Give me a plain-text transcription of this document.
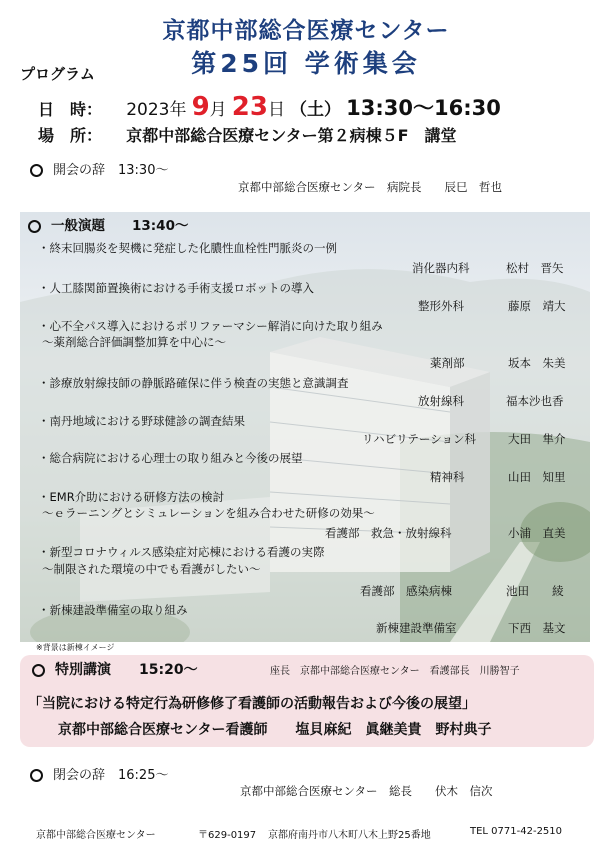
京都中部総合医療センター
第25回 学術集会
プログラム
日　時： 2023年 9月 23日 （土） 13:30〜16:30
場　所： 京都中部総合医療センター第２病棟５F　講堂
開会の辞　13:30〜
京都中部総合医療センター　病院長　　辰巳　哲也
一般演題　　13:40〜
・終末回腸炎を契機に発症した化膿性血栓性門脈炎の一例
消化器内科	松村　晋矢
・人工膝関節置換術における手術支援ロボットの導入
整形外科	藤原　靖大
・心不全パス導入におけるポリファーマシー解消に向けた取り組み
〜薬剤総合評価調整加算を中心に〜
薬剤部	坂本　朱美
・診療放射線技師の静脈路確保に伴う検査の実態と意識調査
放射線科	福本沙也香
・南丹地域における野球健診の調査結果
リハビリテーション科	大田　隼介
・総合病院における心理士の取り組みと今後の展望
精神科	山田　知里
・EMR介助における研修方法の検討
〜ｅラーニングとシミュレーションを組み合わせた研修の効果〜
看護部　救急・放射線科	小浦　直美
・新型コロナウィルス感染症対応棟における看護の実際
〜制限された環境の中でも看護がしたい〜
看護部　感染病棟	池田　　綾
・新棟建設準備室の取り組み
新棟建設準備室	下西　基文
※背景は新棟イメージ
特別講演　　15:20〜	座長　京都中部総合医療センター　看護部長　川勝智子
「当院における特定行為研修修了看護師の活動報告および今後の展望」
京都中部総合医療センター看護師　　塩貝麻紀　眞継美貴　野村典子
閉会の辞　16:25〜
京都中部総合医療センター　総長　　伏木　信次
京都中部総合医療センター	〒629-0197 京都府南丹市八木町八木上野25番地	TEL 0771-42-2510
